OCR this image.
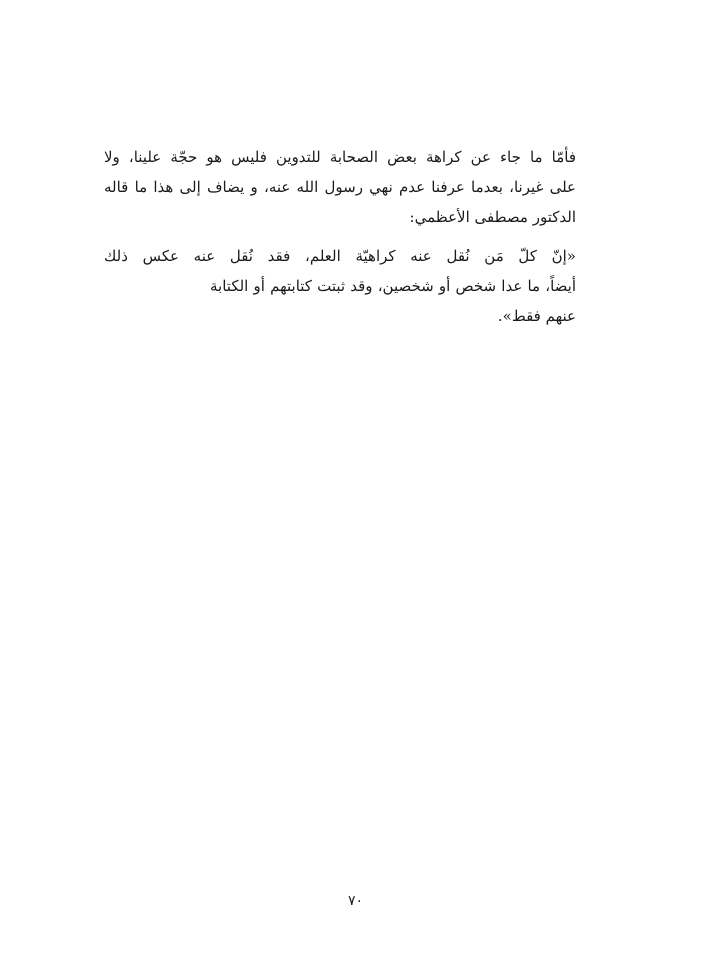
فأمّا ما جاء عن كراهة بعض الصحابة للتدوين فليس هو حجّة علينا، ولا
على غيرنا، بعدما عرفنا عدم نهي رسول الله عنه، و يضاف إلى هذا ما قاله
الدكتور مصطفى الأعظمي:
«إنّ كلّ مَن نُقل عنه كراهيّة العلم، فقد نُقل عنه عكس ذلك
أيضاً، ما عدا شخص أو شخصين، وقد ثبتت كتابتهم أو الكتابة
عنهم فقط».
٧٠
